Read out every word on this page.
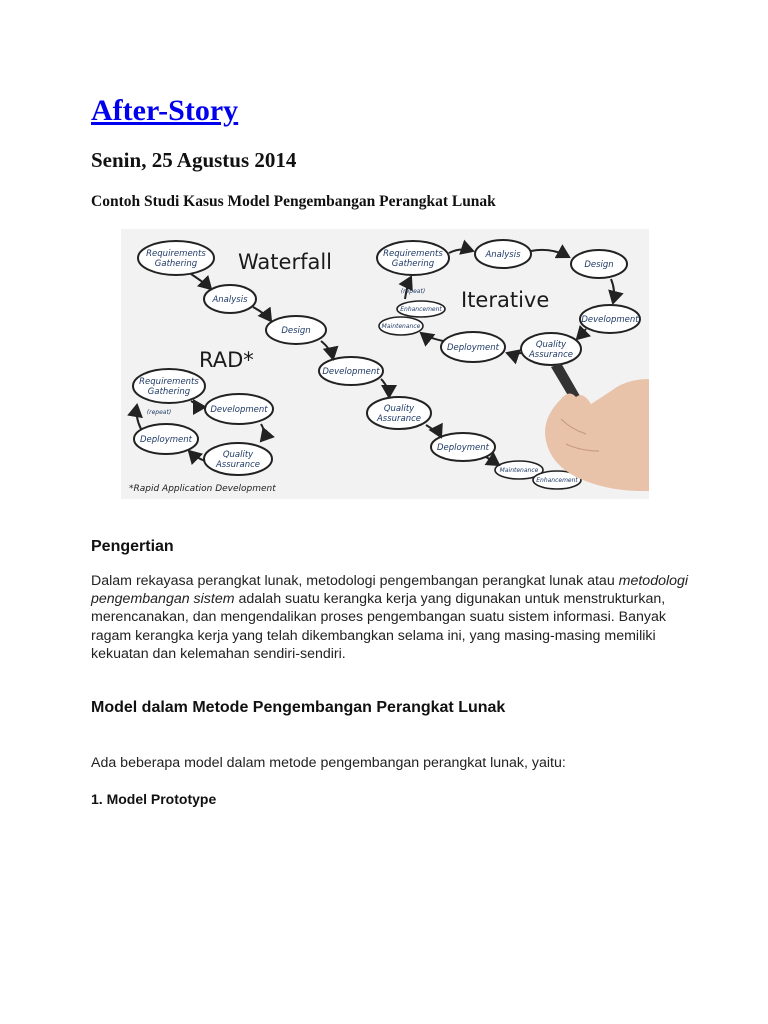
After-Story
Senin, 25 Agustus 2014
Contoh Studi Kasus Model Pengembangan Perangkat Lunak
Waterfall
Requirements
Gathering
Analysis
Design
Development
Quality
Assurance
Deployment
Maintenance
Enhancement
Iterative
Requirements
Gathering
Analysis
Design
Development
Quality
Assurance
Deployment
Maintenance
Enhancement
(repeat)
RAD*
Requirements
Gathering
Development
Quality
Assurance
Deployment
(repeat)
*Rapid Application Development
Pengertian

Dalam rekayasa perangkat lunak, metodologi pengembangan perangkat lunak atau metodologi pengembangan sistem adalah suatu kerangka kerja yang digunakan untuk menstrukturkan, merencanakan, dan mengendalikan proses pengembangan suatu sistem informasi. Banyak ragam kerangka kerja yang telah dikembangkan selama ini, yang masing-masing memiliki kekuatan dan kelemahan sendiri-sendiri.

Model dalam Metode Pengembangan Perangkat Lunak

Ada beberapa model dalam metode pengembangan perangkat lunak, yaitu:

1. Model Prototype
